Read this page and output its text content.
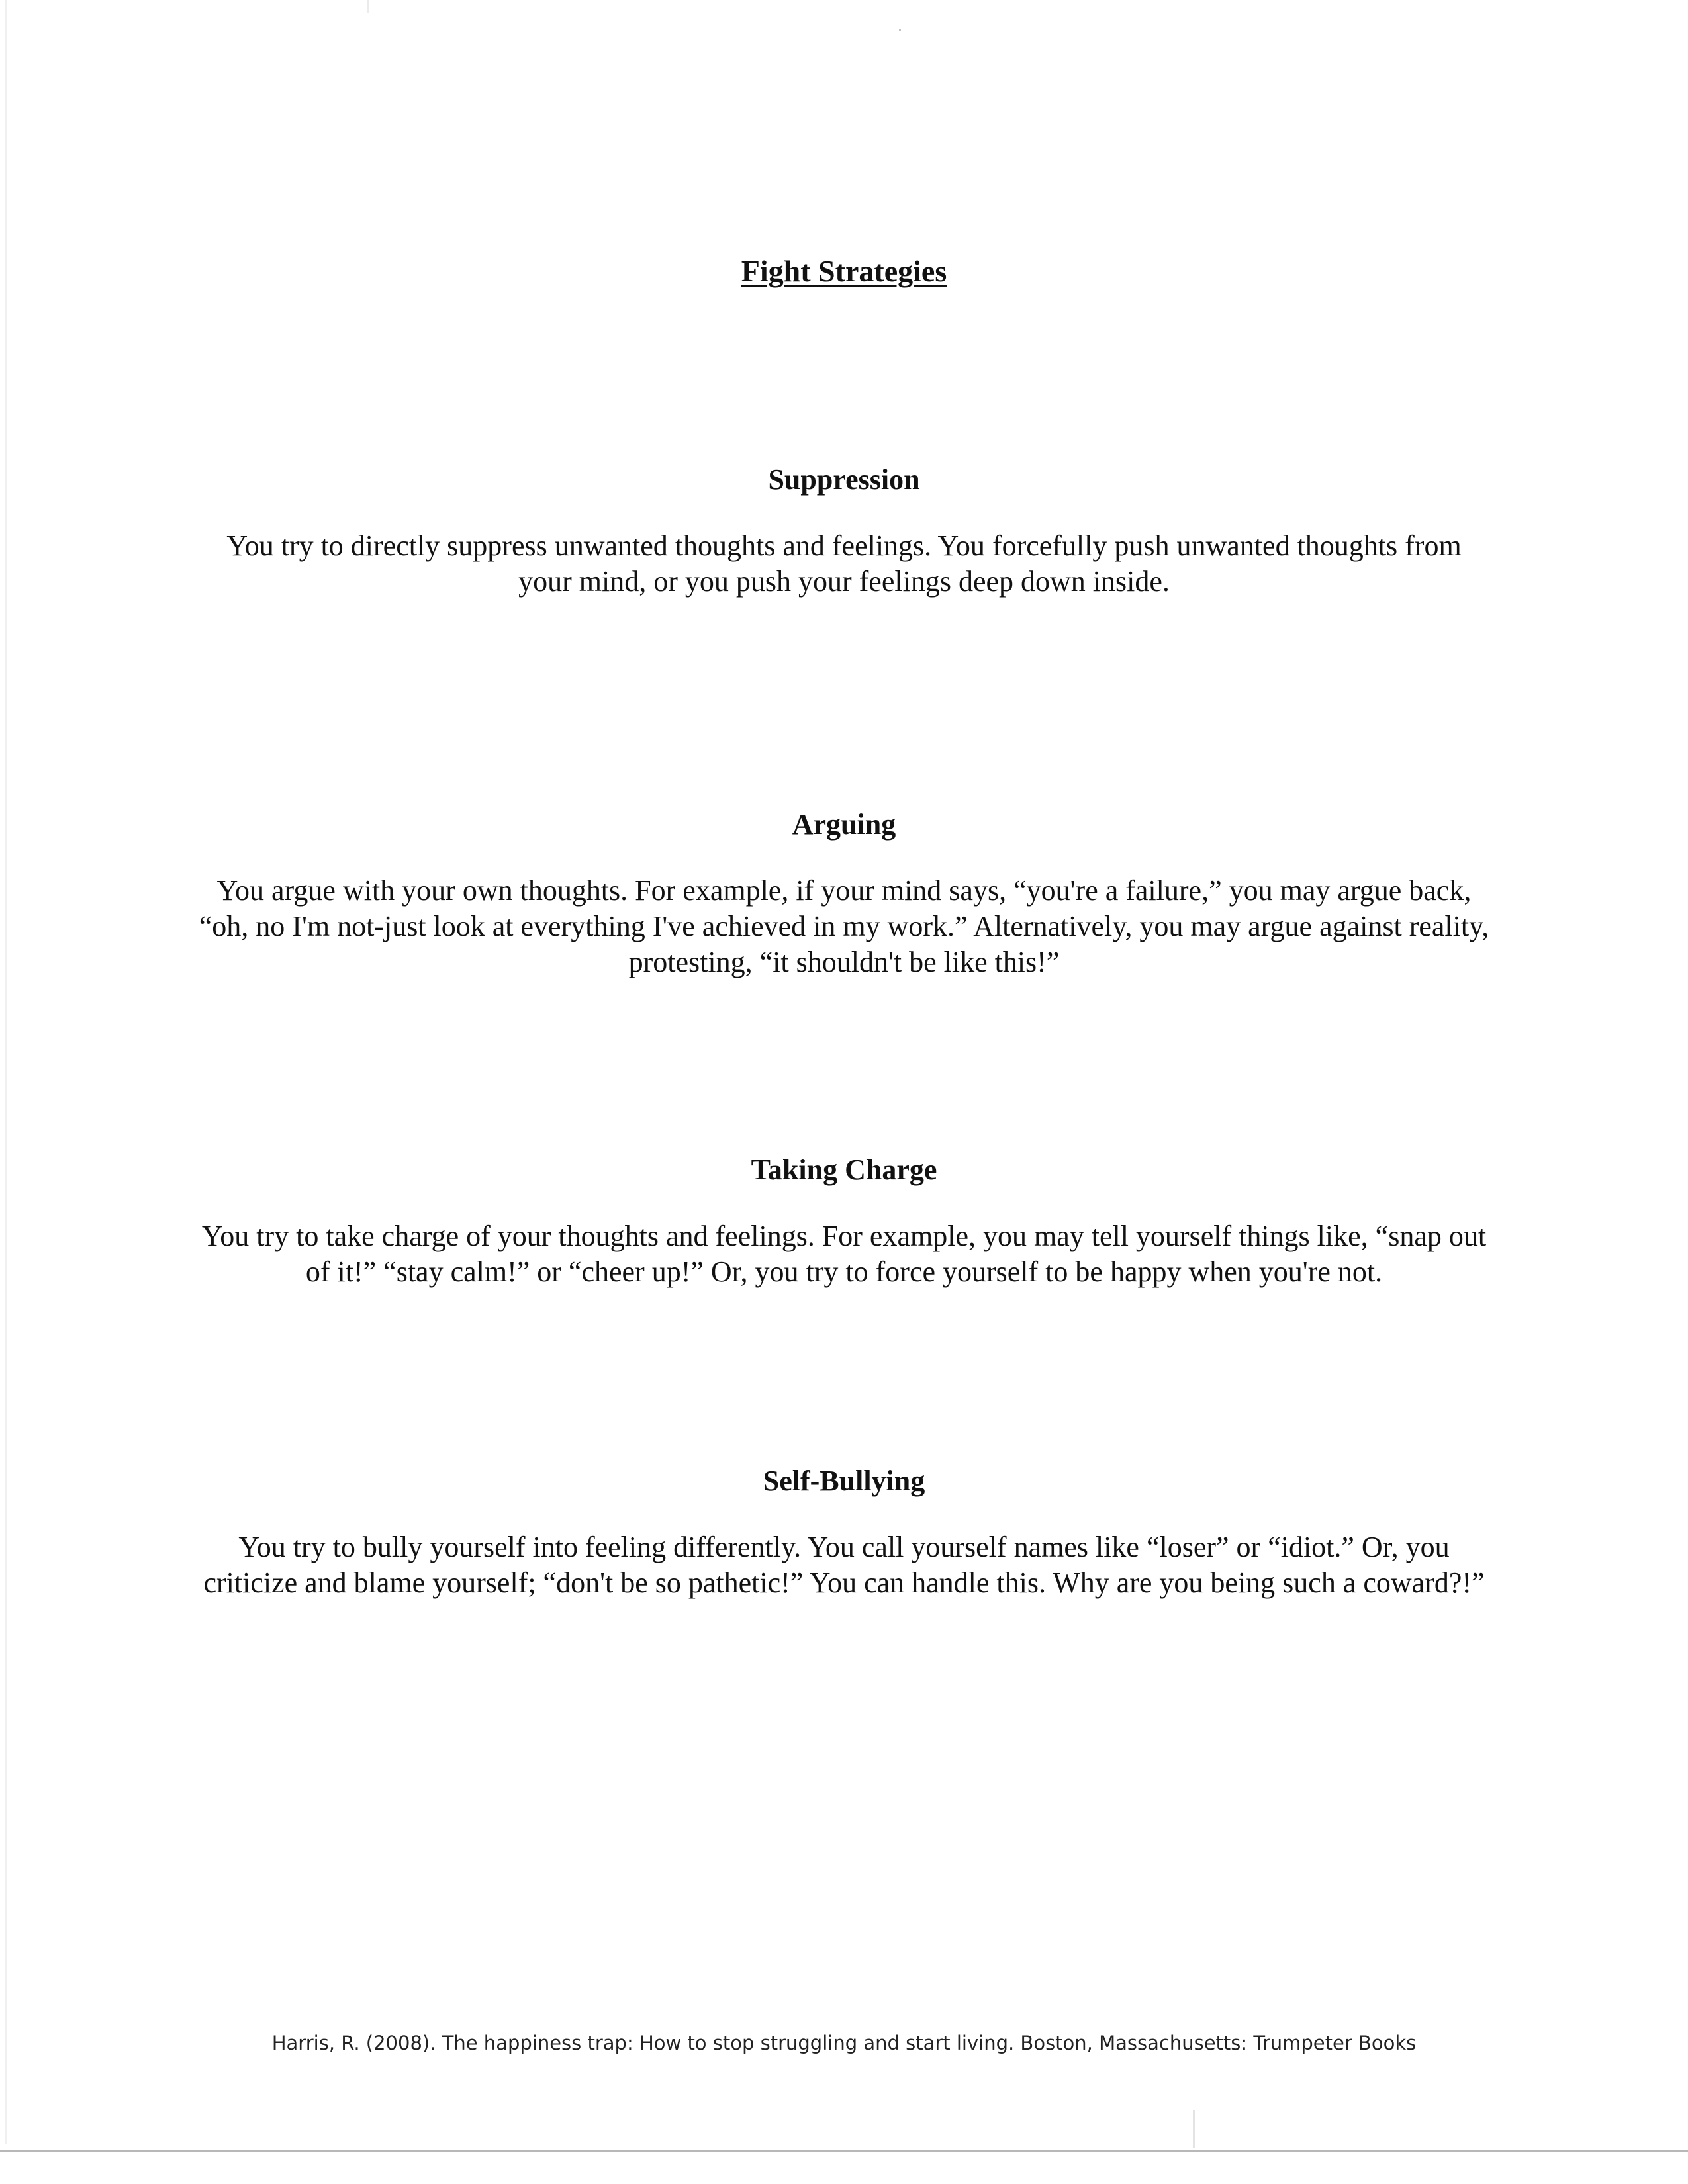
Fight Strategies
Suppression

You try to directly suppress unwanted thoughts and feelings. You forcefully push unwanted thoughts from your mind, or you push your feelings deep down inside.

Arguing

You argue with your own thoughts. For example, if your mind says, “you're a failure,” you may argue back, “oh, no I'm not-just look at everything I've achieved in my work.” Alternatively, you may argue against reality, protesting, “it shouldn't be like this!”

Taking Charge

You try to take charge of your thoughts and feelings. For example, you may tell yourself things like, “snap out of it!” “stay calm!” or “cheer up!” Or, you try to force yourself to be happy when you're not.

Self-Bullying

You try to bully yourself into feeling differently. You call yourself names like “loser” or “idiot.” Or, you criticize and blame yourself; “don't be so pathetic!” You can handle this. Why are you being such a coward?!”

Harris, R. (2008). The happiness trap: How to stop struggling and start living. Boston, Massachusetts: Trumpeter Books
